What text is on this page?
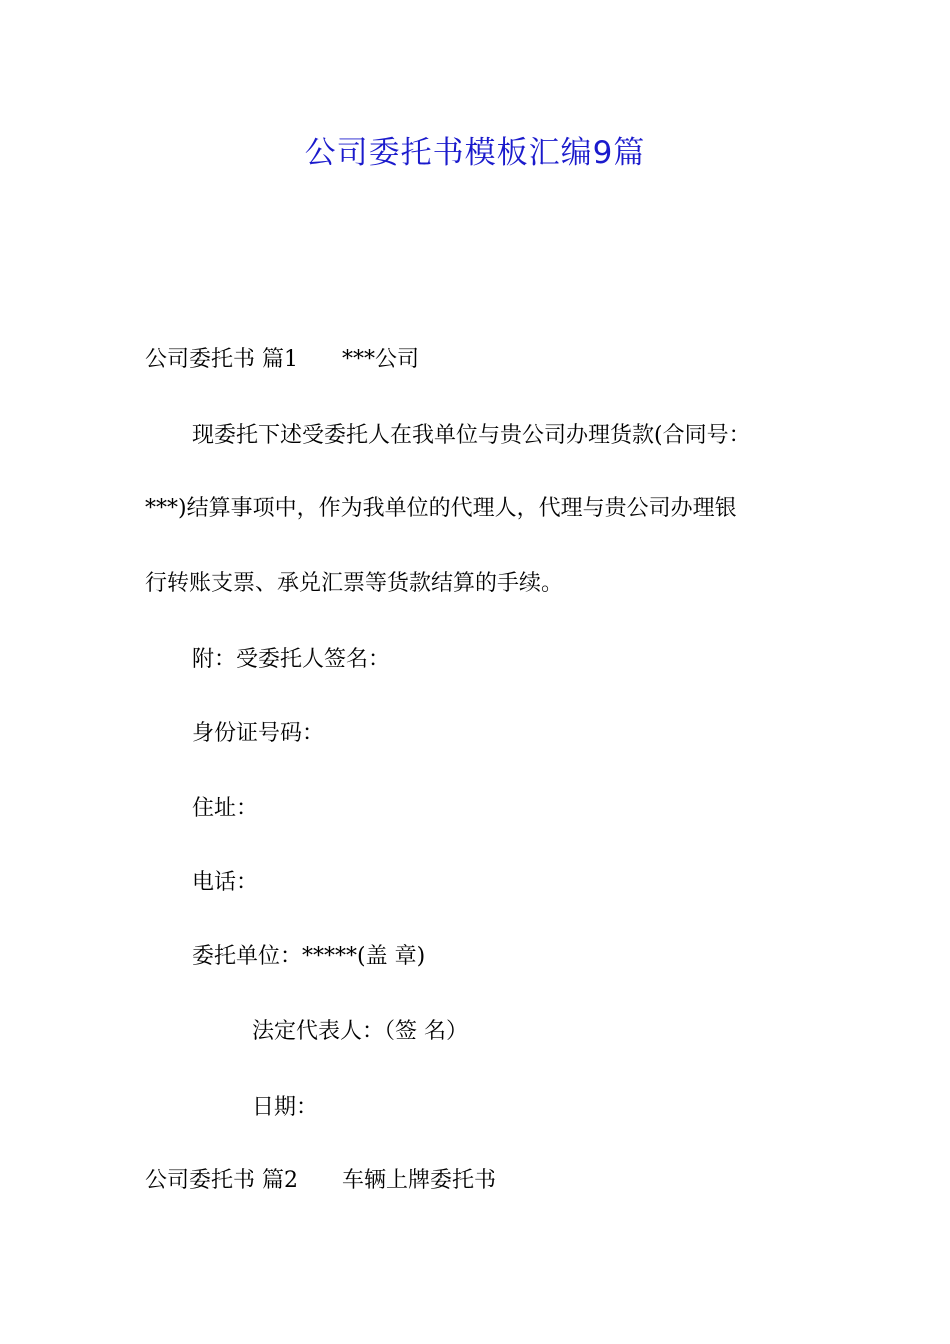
公司委托书模板汇编9篇
公司委托书 篇1 ***公司
现委托下述受委托人在我单位与贵公司办理货款(合同号：
***)结算事项中，作为我单位的代理人，代理与贵公司办理银
行转账支票、承兑汇票等货款结算的手续。
附：受委托人签名：
身份证号码：
住址：
电话：
委托单位：*****(盖 章)
法定代表人：（签 名）
日期：
公司委托书 篇2 车辆上牌委托书
